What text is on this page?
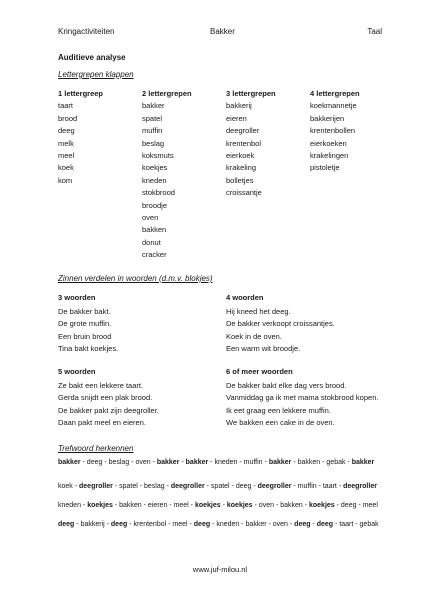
Kringactiviteiten	Bakker	Taal
Auditieve analyse
Lettergrepen klappen
1 lettergreep
taart
brood
deeg
melk
meel
koek
kom
2 lettergrepen
bakker
spatel
muffin
beslag
koksmuts
koekjes
kneden
stokbrood
broodje
oven
bakken
donut
cracker
3 lettergrepen
bakkerij
eieren
deegroller
krentenbol
eierkoek
krakeling
bolletjes
croissantje
4 lettergrepen
koekmannetje
bakkerijen
krentenbollen
eierkoeken
krakelingen
pistoletje
Zinnen verdelen in woorden (d.m.v. blokjes)
3 woorden
De bakker bakt.
De grote muffin.
Een bruin brood
Tina bakt koekjes.
4 woorden
Hij kneed het deeg.
De bakker verkoopt croissantjes.
Koek in de oven.
Een warm wit broodje.
5 woorden
Ze bakt een lekkere taart.
Gerda snijdt een plak brood.
De bakker pakt zijn deegroller.
Daan pakt meel en eieren.
6 of meer woorden
De bakker bakt elke dag vers brood.
Vanmiddag ga ik met mama stokbrood kopen.
Ik eet graag een lekkere muffin.
We bakken een cake in de oven.
Trefwoord herkennen
bakker - deeg - beslag - oven - bakker - bakker - kneden - muffin - bakker - bakken - gebak - bakker
koek - deegroller - spatel - beslag - deegroller - spatel - deeg - deegroller - muffin - taart - deegroller
kneden - koekjes - bakken - eieren - meel - koekjes - koekjes - oven - bakken - koekjes - deeg - meel
deeg - bakkerij - deeg - krentenbol - meel - deeg - kneden - bakker - oven - deeg - deeg - taart - gebak
www.juf-milou.nl
